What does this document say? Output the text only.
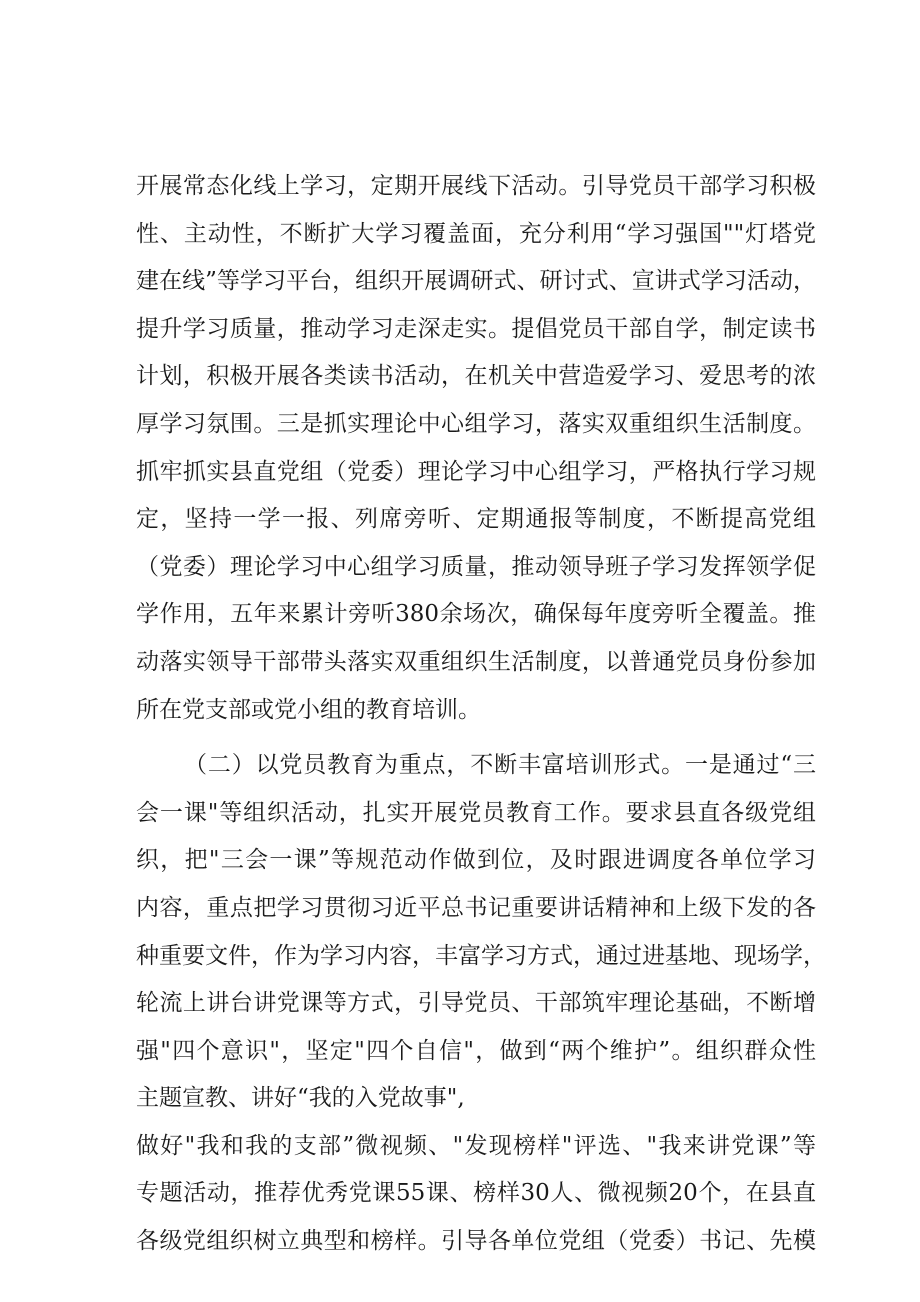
开展常态化线上学习，定期开展线下活动。引导党员干部学习积极
性、主动性，不断扩大学习覆盖面，充分利用“学习强国""灯塔党
建在线”等学习平台，组织开展调研式、研讨式、宣讲式学习活动，
提升学习质量，推动学习走深走实。提倡党员干部自学，制定读书
计划，积极开展各类读书活动，在机关中营造爱学习、爱思考的浓
厚学习氛围。三是抓实理论中心组学习，落实双重组织生活制度。
抓牢抓实县直党组（党委）理论学习中心组学习，严格执行学习规
定，坚持一学一报、列席旁听、定期通报等制度，不断提高党组
（党委）理论学习中心组学习质量，推动领导班子学习发挥领学促
学作用，五年来累计旁听380余场次，确保每年度旁听全覆盖。推
动落实领导干部带头落实双重组织生活制度，以普通党员身份参加
所在党支部或党小组的教育培训。
（二）以党员教育为重点，不断丰富培训形式。一是通过“三
会一课"等组织活动，扎实开展党员教育工作。要求县直各级党组
织，把"三会一课”等规范动作做到位，及时跟进调度各单位学习
内容，重点把学习贯彻习近平总书记重要讲话精神和上级下发的各
种重要文件，作为学习内容，丰富学习方式，通过进基地、现场学，
轮流上讲台讲党课等方式，引导党员、干部筑牢理论基础，不断增
强"四个意识"，坚定"四个自信"，做到“两个维护”。组织群众性
主题宣教、讲好“我的入党故事",
做好"我和我的支部”微视频、"发现榜样"评选、"我来讲党课”等
专题活动，推荐优秀党课55课、榜样30人、微视频20个，在县直
各级党组织树立典型和榜样。引导各单位党组（党委）书记、先模
